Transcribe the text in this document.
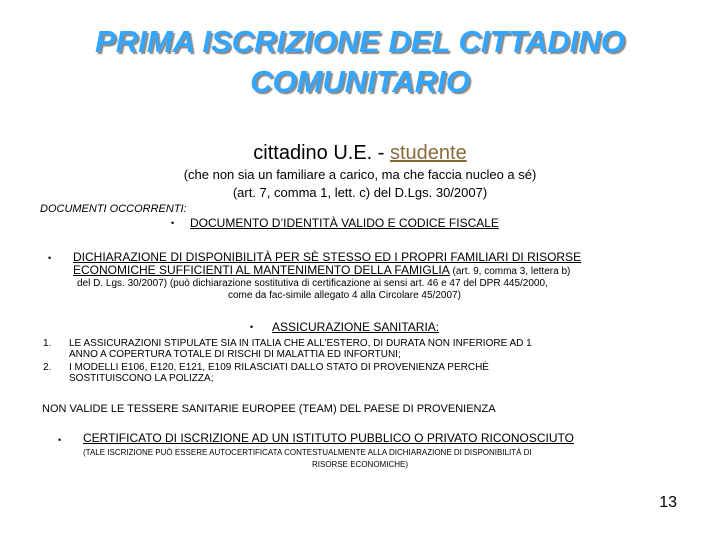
PRIMA ISCRIZIONE DEL CITTADINO
COMUNITARIO
cittadino U.E. - studente
(che non sia un familiare a carico, ma che faccia nucleo a sé)
(art. 7, comma 1, lett. c) del D.Lgs. 30/2007)
DOCUMENTI OCCORRENTI:
• DOCUMENTO D’IDENTITÀ VALIDO E CODICE FISCALE
• DICHIARAZIONE DI DISPONIBILITÀ PER SÈ STESSO ED I PROPRI FAMILIARI DI RISORSE
ECONOMICHE SUFFICIENTI AL MANTENIMENTO DELLA FAMIGLIA (art. 9, comma 3, lettera b)
del D. Lgs. 30/2007) (può dichiarazione sostitutiva di certificazione ai sensi art. 46 e 47 del DPR 445/2000,
come da fac-simile allegato 4 alla Circolare 45/2007)
• ASSICURAZIONE SANITARIA:
1. LE ASSICURAZIONI STIPULATE SIA IN ITALIA CHE ALL’ESTERO, DI DURATA NON INFERIORE AD 1
ANNO A COPERTURA TOTALE DI RISCHI DI MALATTIA ED INFORTUNI;
2. I MODELLI E106, E120, E121, E109 RILASCIATI DALLO STATO DI PROVENIENZA PERCHÈ
SOSTITUISCONO LA POLIZZA;
NON VALIDE LE TESSERE SANITARIE EUROPEE (TEAM) DEL PAESE DI PROVENIENZA
• CERTIFICATO DI ISCRIZIONE AD UN ISTITUTO PUBBLICO O PRIVATO RICONOSCIUTO
(TALE ISCRIZIONE PUÒ ESSERE AUTOCERTIFICATA CONTESTUALMENTE ALLA DICHIARAZIONE DI DISPONIBILITÀ DI
RISORSE ECONOMICHE)
13
